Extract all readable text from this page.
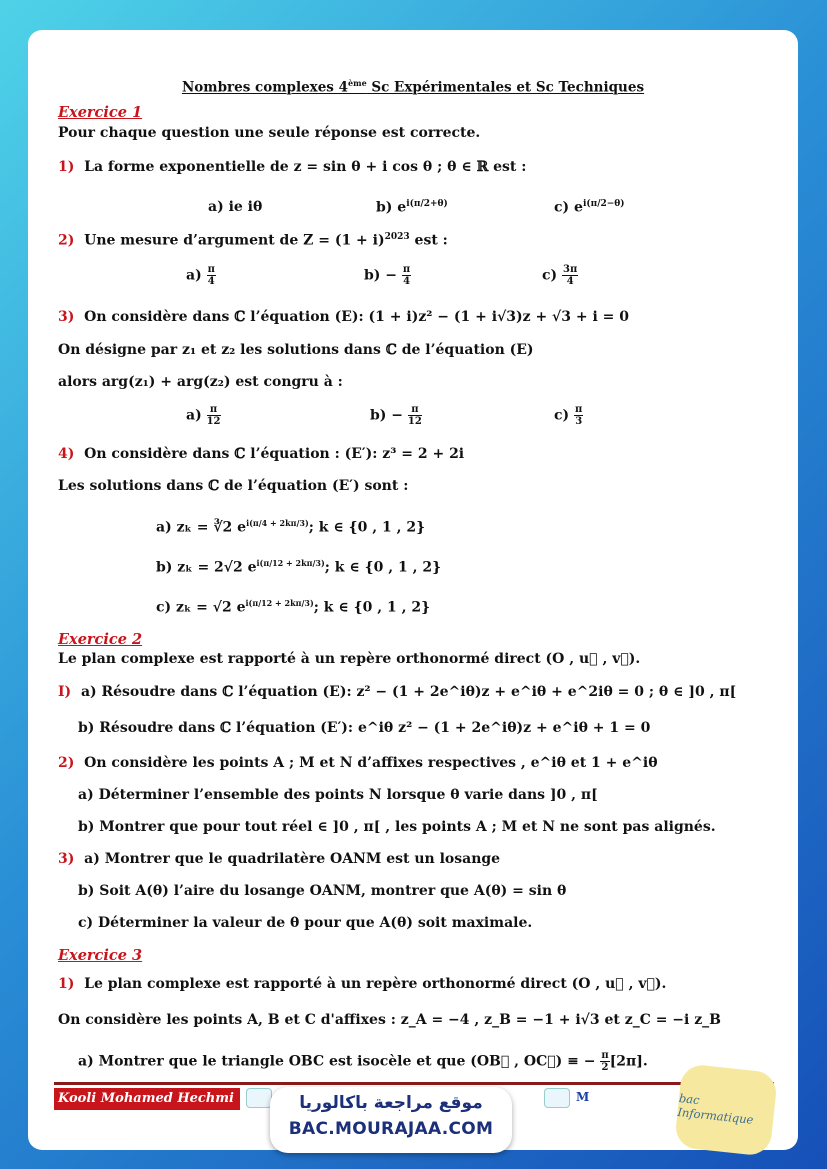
Nombres complexes 4ème Sc Expérimentales et Sc Techniques
Exercice 1
Pour chaque question une seule réponse est correcte.
1) La forme exponentielle de z = sin θ + i cos θ ; θ ∈ ℝ est :
a) ie iθ	b) $e^{i(\pi/2+\theta)}$	c) $e^{i(\pi/2-\theta)}$
2) Une mesure d’argument de $Z = (1 + i)^{2023}$ est :
$a) \frac{\pi}{4}$	$b) - \frac{\pi}{4}$	$c) \frac{3\pi}{4}$
3) On considère dans ℂ l’équation (E): (1 + i)z² − (1 + i√3)z + √3 + i = 0
On désigne par z₁ et z₂ les solutions dans ℂ de l’équation (E)
alors arg(z₁) + arg(z₂) est congru à :
$a) \frac{\pi}{12}$	$b) - \frac{\pi}{12}$	$c) \frac{\pi}{3}$
4) On considère dans ℂ l’équation : (E′): z³ = 2 + 2i
Les solutions dans ℂ de l’équation (E′) sont :
a) zₖ = ∛2 $e^{i(\pi/4 + 2k\pi/3)}$; k ∈ {0 , 1 , 2}
b) zₖ = 2√2 $e^{i(\pi/12 + 2k\pi/3)}$; k ∈ {0 , 1 , 2}
c) zₖ = √2 $e^{i(\pi/12 + 2k\pi/3)}$; k ∈ {0 , 1 , 2}
Exercice 2
Le plan complexe est rapporté à un repère orthonormé direct (O , u⃗ , v⃗).
I) a) Résoudre dans ℂ l’équation (E): z² − (1 + 2e^iθ)z + e^iθ + e^2iθ = 0 ; θ ∈ ]0 , π[
b) Résoudre dans ℂ l’équation (E′): e^iθ z² − (1 + 2e^iθ)z + e^iθ + 1 = 0
2) On considère les points A ; M et N d’affixes respectives , e^iθ et 1 + e^iθ
a) Déterminer l’ensemble des points N lorsque θ varie dans ]0 , π[
b) Montrer que pour tout réel ∈ ]0 , π[ , les points A ; M et N ne sont pas alignés.
3) a) Montrer que le quadrilatère OANM est un losange
b) Soit A(θ) l’aire du losange OANM, montrer que A(θ) = sin θ
c) Déterminer la valeur de θ pour que A(θ) soit maximale.
Exercice 3
1) Le plan complexe est rapporté à un repère orthonormé direct (O , u⃗ , v⃗).
On considère les points A, B et C d'affixes : z_A = −4 , z_B = −1 + i√3 et z_C = −i z_B
a) Montrer que le triangle OBC est isocèle et que (OB⃗ , OC⃗) ≡ − $\frac{\pi}{2} [2\pi]$.
Kooli Mohamed Hechmi	M
موقع مراجعة باكالوريا
BAC.MOURAJAA.COM
bac Informatique
